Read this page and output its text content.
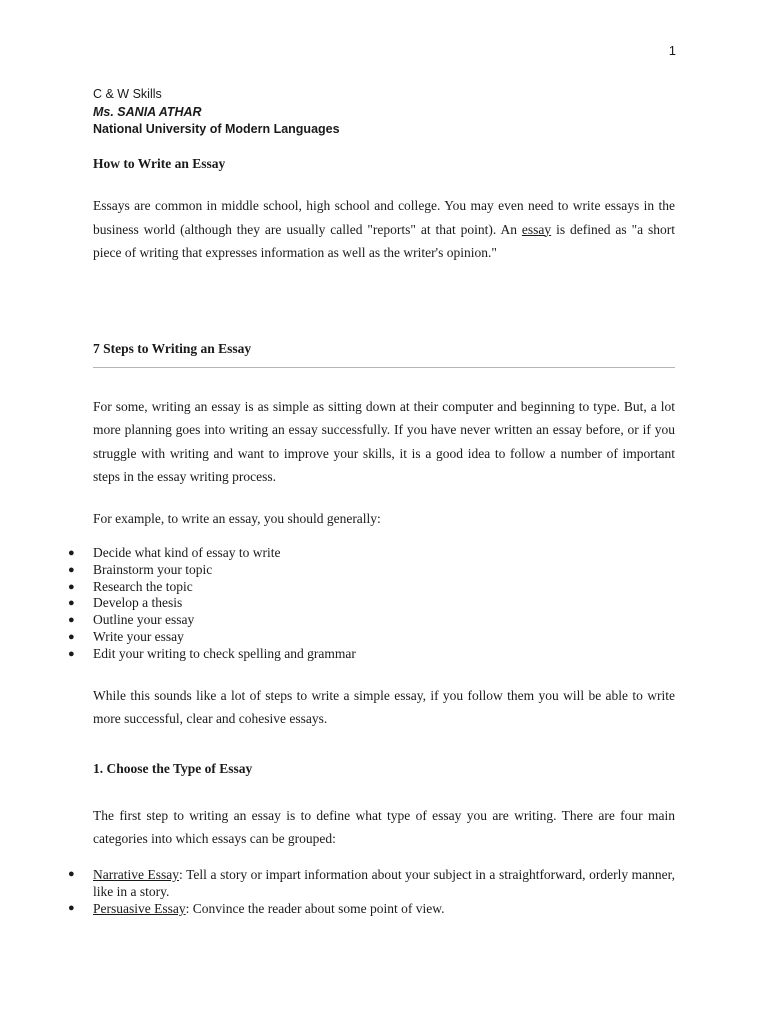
1
C & W Skills
Ms. SANIA ATHAR
National University of Modern Languages
How to Write an Essay

Essays are common in middle school, high school and college. You may even need to write essays in the business world (although they are usually called "reports" at that point). An essay is defined as "a short piece of writing that expresses information as well as the writer's opinion."

7 Steps to Writing an Essay

For some, writing an essay is as simple as sitting down at their computer and beginning to type. But, a lot more planning goes into writing an essay successfully. If you have never written an essay before, or if you struggle with writing and want to improve your skills, it is a good idea to follow a number of important steps in the essay writing process.

For example, to write an essay, you should generally:

● Decide what kind of essay to write
● Brainstorm your topic
● Research the topic
● Develop a thesis
● Outline your essay
● Write your essay
● Edit your writing to check spelling and grammar

While this sounds like a lot of steps to write a simple essay, if you follow them you will be able to write more successful, clear and cohesive essays.

1. Choose the Type of Essay

The first step to writing an essay is to define what type of essay you are writing. There are four main categories into which essays can be grouped:

● Narrative Essay: Tell a story or impart information about your subject in a straightforward, orderly manner, like in a story.
● Persuasive Essay: Convince the reader about some point of view.
